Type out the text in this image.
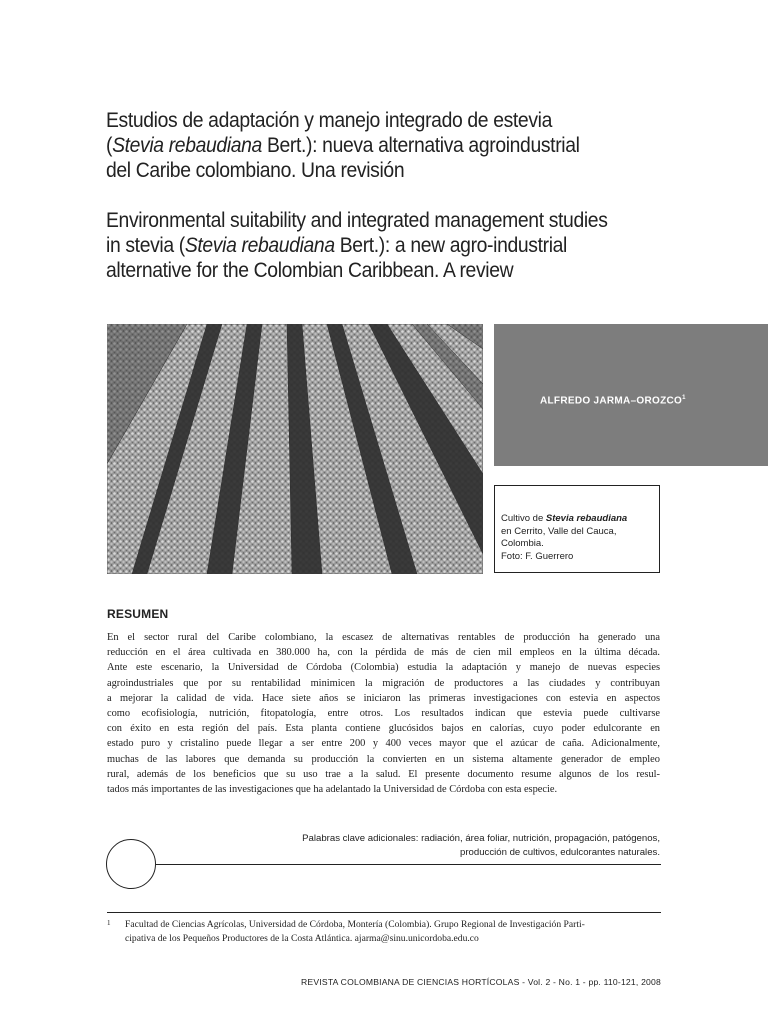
Estudios de adaptación y manejo integrado de estevia
(Stevia rebaudiana Bert.): nueva alternativa agroindustrial
del Caribe colombiano. Una revisión
Environmental suitability and integrated management studies
in stevia (Stevia rebaudiana Bert.): a new agro-industrial
alternative for the Colombian Caribbean. A review
ALFREDO JARMA–OROZCO$^1$
Cultivo de Stevia rebaudiana
en Cerrito, Valle del Cauca,
Colombia.
Foto: F. Guerrero
RESUMEN

En el sector rural del Caribe colombiano, la escasez de alternativas rentables de producción ha generado una
reducción en el área cultivada en 380.000 ha, con la pérdida de más de cien mil empleos en la última década.
Ante este escenario, la Universidad de Córdoba (Colombia) estudia la adaptación y manejo de nuevas especies
agroindustriales que por su rentabilidad minimicen la migración de productores a las ciudades y contribuyan
a mejorar la calidad de vida. Hace siete años se iniciaron las primeras investigaciones con estevia en aspectos
como ecofisiología, nutrición, fitopatología, entre otros. Los resultados indican que estevia puede cultivarse
con éxito en esta región del país. Esta planta contiene glucósidos bajos en calorías, cuyo poder edulcorante en
estado puro y cristalino puede llegar a ser entre 200 y 400 veces mayor que el azúcar de caña. Adicionalmente,
muchas de las labores que demanda su producción la convierten en un sistema altamente generador de empleo
rural, además de los beneficios que su uso trae a la salud. El presente documento resume algunos de los resul-
tados más importantes de las investigaciones que ha adelantado la Universidad de Córdoba con esta especie.

Palabras clave adicionales: radiación, área foliar, nutrición, propagación, patógenos,
producción de cultivos, edulcorantes naturales.
1 Facultad de Ciencias Agrícolas, Universidad de Córdoba, Montería (Colombia). Grupo Regional de Investigación Parti-
cipativa de los Pequeños Productores de la Costa Atlántica. ajarma@sinu.unicordoba.edu.co
REVISTA COLOMBIANA DE CIENCIAS HORTÍCOLAS - Vol. 2 - No. 1 - pp. 110-121, 2008
